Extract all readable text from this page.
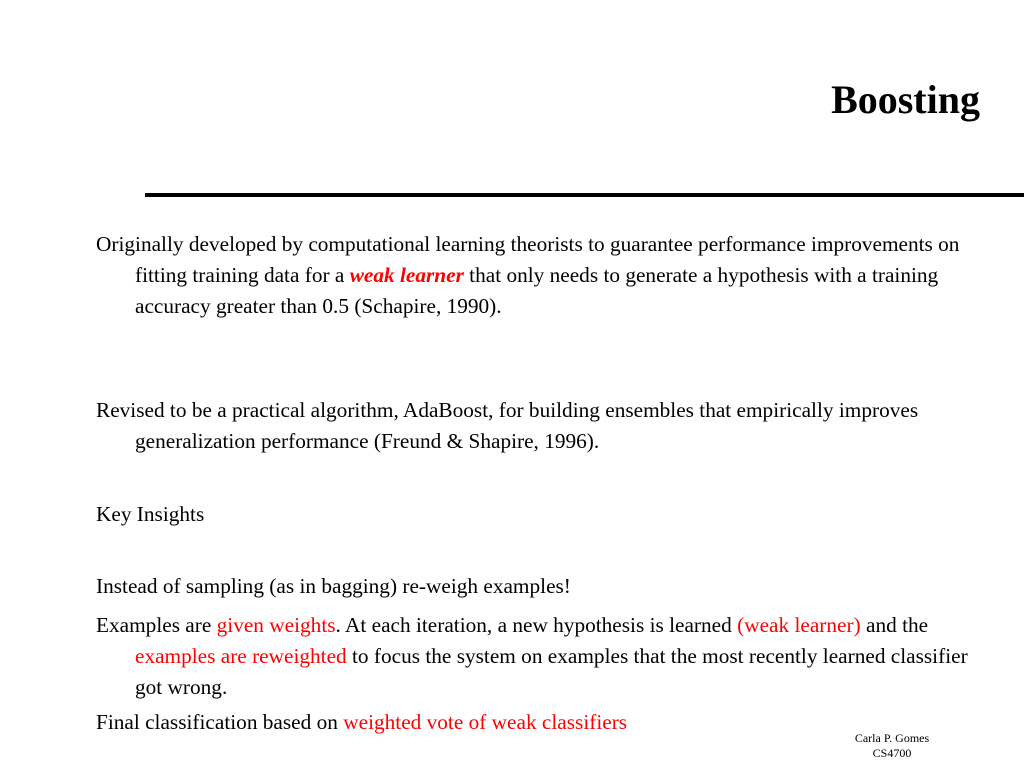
Boosting

Originally developed by computational learning theorists to guarantee performance improvements on fitting training data for a weak learner that only needs to generate a hypothesis with a training accuracy greater than 0.5 (Schapire, 1990).

Revised to be a practical algorithm, AdaBoost, for building ensembles that empirically improves generalization performance (Freund & Shapire, 1996).

Key Insights

Instead of sampling (as in bagging) re-weigh examples!

Examples are given weights. At each iteration, a new hypothesis is learned (weak learner) and the examples are reweighted to focus the system on examples that the most recently learned classifier got wrong.

Final classification based on weighted vote of weak classifiers

Carla P. Gomes
CS4700
